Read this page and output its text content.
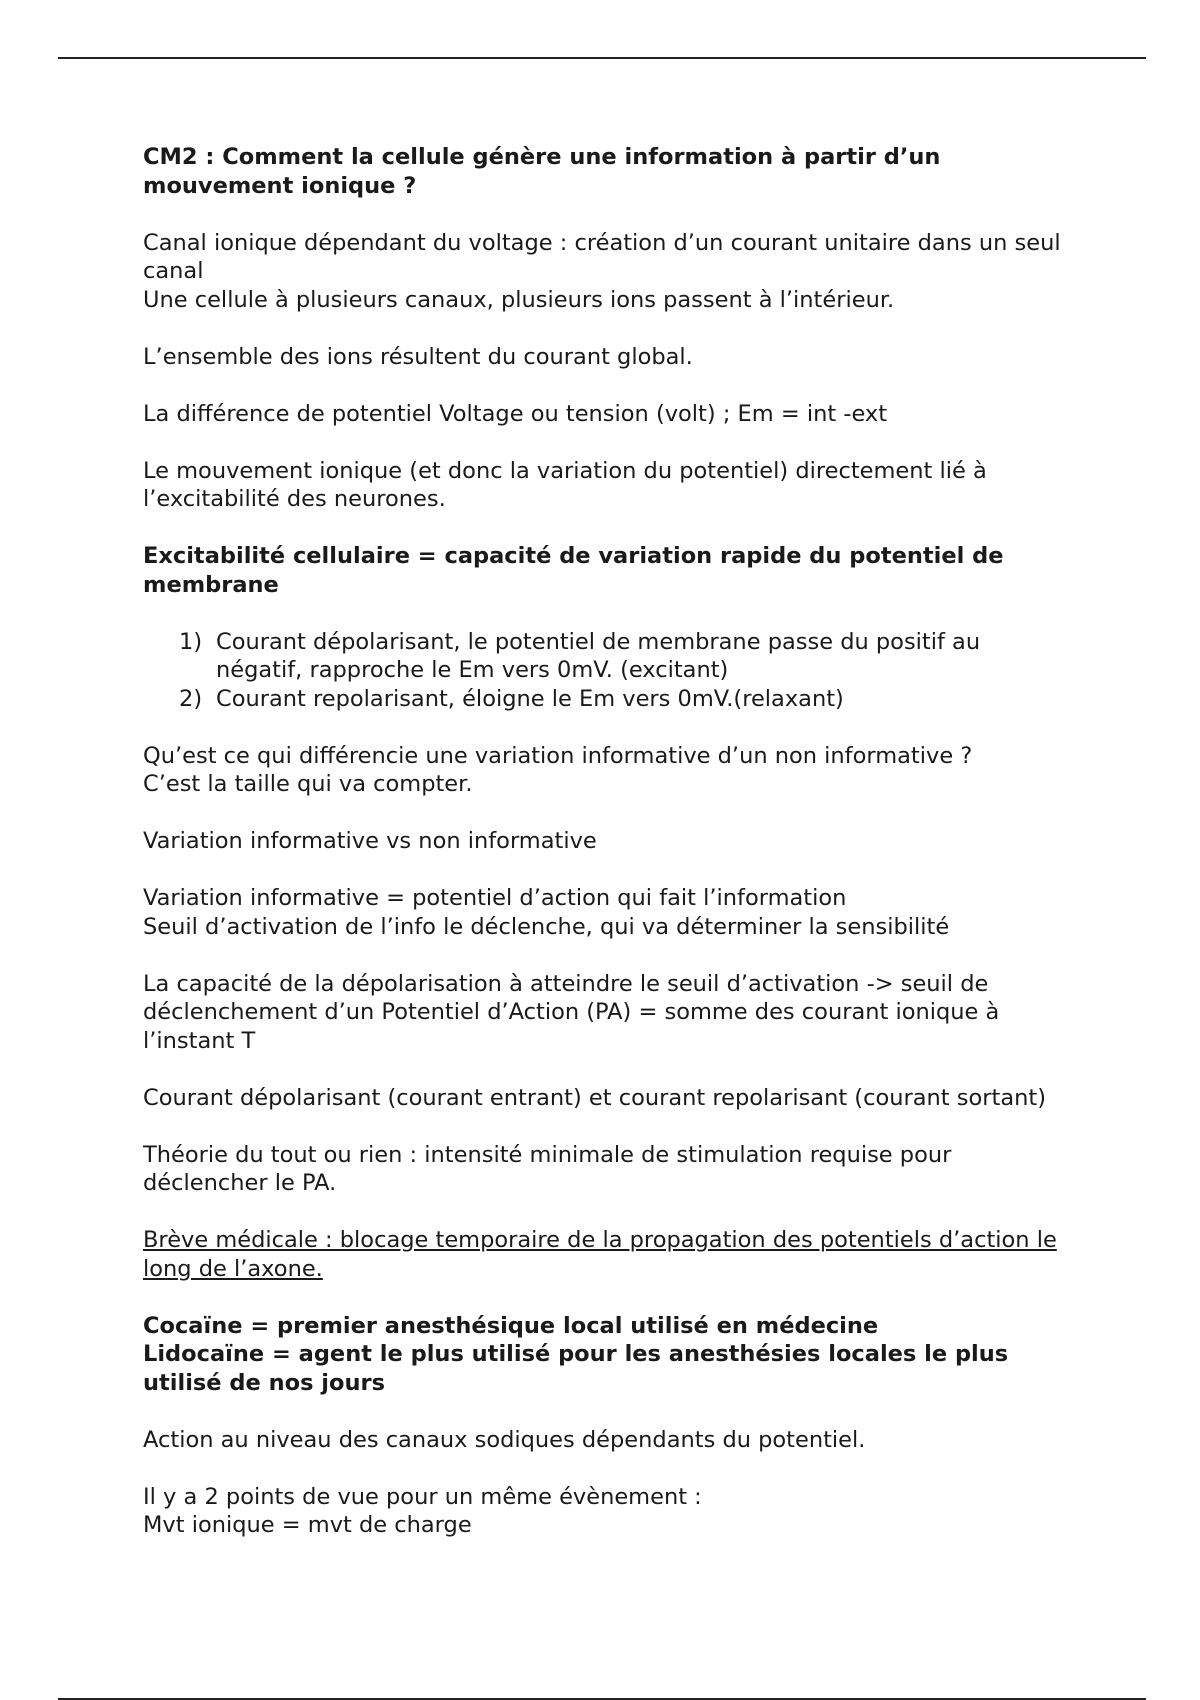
CM2 : Comment la cellule génère une information à partir d’un mouvement ionique ?

Canal ionique dépendant du voltage : création d’un courant unitaire dans un seul canal
Une cellule à plusieurs canaux, plusieurs ions passent à l’intérieur.

L’ensemble des ions résultent du courant global.

La différence de potentiel Voltage ou tension (volt) ; Em = int -ext

Le mouvement ionique (et donc la variation du potentiel) directement lié à l’excitabilité des neurones.

Excitabilité cellulaire = capacité de variation rapide du potentiel de membrane

1) Courant dépolarisant, le potentiel de membrane passe du positif au négatif, rapproche le Em vers 0mV. (excitant)
2) Courant repolarisant, éloigne le Em vers 0mV.(relaxant)

Qu’est ce qui différencie une variation informative d’un non informative ?
C’est la taille qui va compter.

Variation informative vs non informative

Variation informative = potentiel d’action qui fait l’information
Seuil d’activation de l’info le déclenche, qui va déterminer la sensibilité

La capacité de la dépolarisation à atteindre le seuil d’activation -> seuil de déclenchement d’un Potentiel d’Action (PA) = somme des courant ionique à l’instant T

Courant dépolarisant (courant entrant) et courant repolarisant (courant sortant)

Théorie du tout ou rien : intensité minimale de stimulation requise pour déclencher le PA.

Brève médicale : blocage temporaire de la propagation des potentiels d’action le long de l’axone.

Cocaïne = premier anesthésique local utilisé en médecine
Lidocaïne = agent le plus utilisé pour les anesthésies locales le plus utilisé de nos jours

Action au niveau des canaux sodiques dépendants du potentiel.

Il y a 2 points de vue pour un même évènement :
Mvt ionique = mvt de charge
